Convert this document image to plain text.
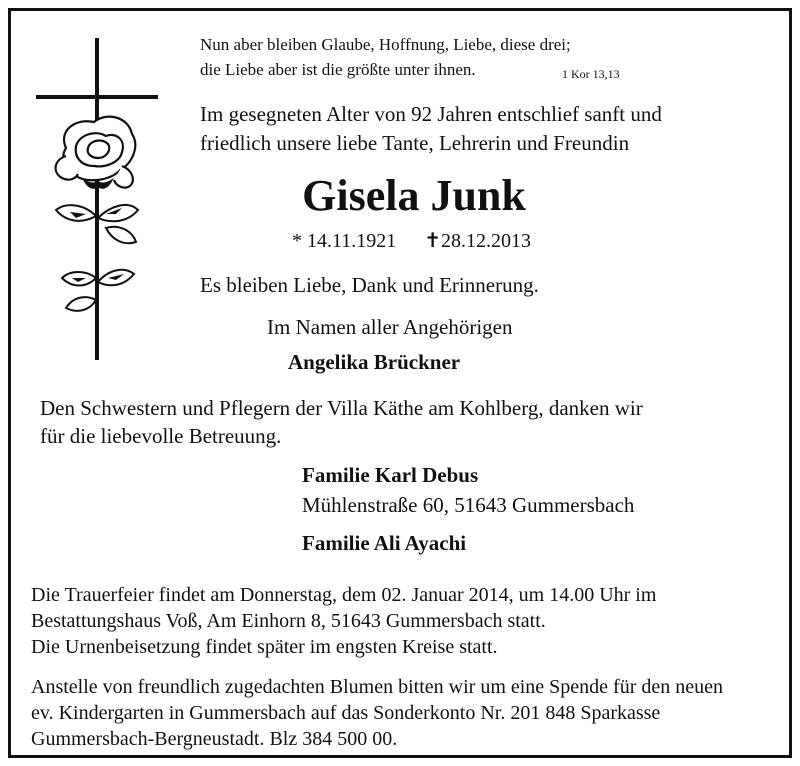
Nun aber bleiben Glaube, Hoffnung, Liebe, diese drei;
die Liebe aber ist die größte unter ihnen.	1 Kor 13,13
Im gesegneten Alter von 92 Jahren entschlief sanft und
friedlich unsere liebe Tante, Lehrerin und Freundin
Gisela Junk
* 14.11.1921 ✝28.12.2013
Es bleiben Liebe, Dank und Erinnerung.
Im Namen aller Angehörigen
Angelika Brückner
Den Schwestern und Pflegern der Villa Käthe am Kohlberg, danken wir
für die liebevolle Betreuung.
Familie Karl Debus
Mühlenstraße 60, 51643 Gummersbach
Familie Ali Ayachi
Die Trauerfeier findet am Donnerstag, dem 02. Januar 2014, um 14.00 Uhr im
Bestattungshaus Voß, Am Einhorn 8, 51643 Gummersbach statt.
Die Urnenbeisetzung findet später im engsten Kreise statt.
Anstelle von freundlich zugedachten Blumen bitten wir um eine Spende für den neuen
ev. Kindergarten in Gummersbach auf das Sonderkonto Nr. 201 848 Sparkasse
Gummersbach-Bergneustadt. Blz 384 500 00.
